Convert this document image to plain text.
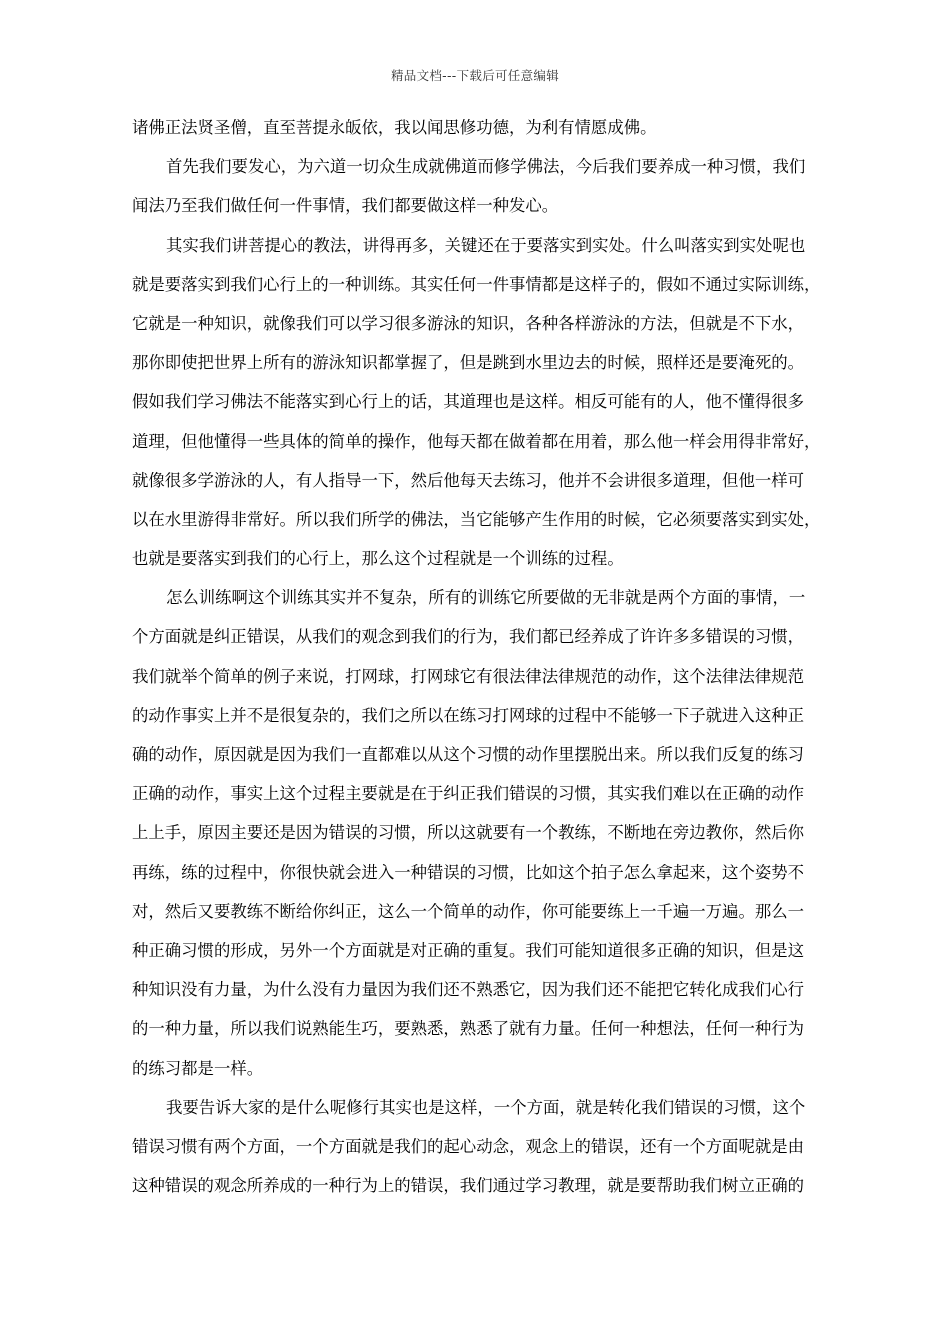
精品文档---下载后可任意编辑
诸佛正法贤圣僧，直至菩提永皈依，我以闻思修功德，为利有情愿成佛。
首先我们要发心，为六道一切众生成就佛道而修学佛法，今后我们要养成一种习惯，我们
闻法乃至我们做任何一件事情，我们都要做这样一种发心。
其实我们讲菩提心的教法，讲得再多，关键还在于要落实到实处。什么叫落实到实处呢也
就是要落实到我们心行上的一种训练。其实任何一件事情都是这样子的，假如不通过实际训练，
它就是一种知识，就像我们可以学习很多游泳的知识，各种各样游泳的方法，但就是不下水，
那你即使把世界上所有的游泳知识都掌握了，但是跳到水里边去的时候，照样还是要淹死的。
假如我们学习佛法不能落实到心行上的话，其道理也是这样。相反可能有的人，他不懂得很多
道理，但他懂得一些具体的简单的操作，他每天都在做着都在用着，那么他一样会用得非常好，
就像很多学游泳的人，有人指导一下，然后他每天去练习，他并不会讲很多道理，但他一样可
以在水里游得非常好。所以我们所学的佛法，当它能够产生作用的时候，它必须要落实到实处，
也就是要落实到我们的心行上，那么这个过程就是一个训练的过程。
怎么训练啊这个训练其实并不复杂，所有的训练它所要做的无非就是两个方面的事情，一
个方面就是纠正错误，从我们的观念到我们的行为，我们都已经养成了许许多多错误的习惯，
我们就举个简单的例子来说，打网球，打网球它有很法律法律规范的动作，这个法律法律规范
的动作事实上并不是很复杂的，我们之所以在练习打网球的过程中不能够一下子就进入这种正
确的动作，原因就是因为我们一直都难以从这个习惯的动作里摆脱出来。所以我们反复的练习
正确的动作，事实上这个过程主要就是在于纠正我们错误的习惯，其实我们难以在正确的动作
上上手，原因主要还是因为错误的习惯，所以这就要有一个教练，不断地在旁边教你，然后你
再练，练的过程中，你很快就会进入一种错误的习惯，比如这个拍子怎么拿起来，这个姿势不
对，然后又要教练不断给你纠正，这么一个简单的动作，你可能要练上一千遍一万遍。那么一
种正确习惯的形成，另外一个方面就是对正确的重复。我们可能知道很多正确的知识，但是这
种知识没有力量，为什么没有力量因为我们还不熟悉它，因为我们还不能把它转化成我们心行
的一种力量，所以我们说熟能生巧，要熟悉，熟悉了就有力量。任何一种想法，任何一种行为
的练习都是一样。
我要告诉大家的是什么呢修行其实也是这样，一个方面，就是转化我们错误的习惯，这个
错误习惯有两个方面，一个方面就是我们的起心动念，观念上的错误，还有一个方面呢就是由
这种错误的观念所养成的一种行为上的错误，我们通过学习教理，就是要帮助我们树立正确的
